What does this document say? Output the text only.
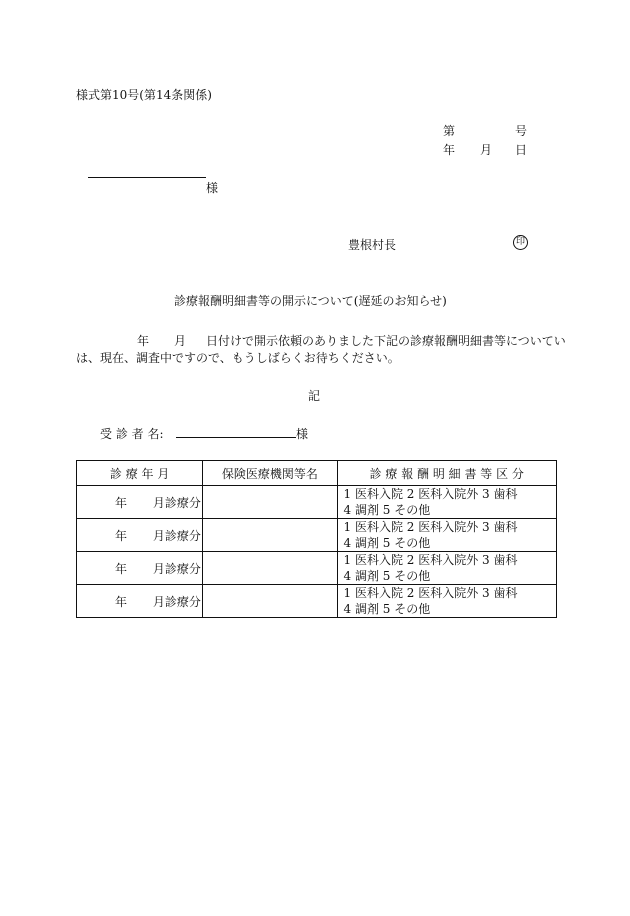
様式第10号(第14条関係)
第	号
年 月 日
様
豊根村長	印
診療報酬明細書等の開示について(遅延のお知らせ)
年 月 日付けで開示依頼のありました下記の診療報酬明細書等についてい
は、現在、調査中ですので、もうしばらくお待ちください。
記
受 診 者 名:	様
診 療 年 月	保険医療機関等名	診 療 報 酬 明 細 書 等 区 分
年 月診療分		1 医科入院 2 医科入院外 3 歯科
4 調剤 5 その他

年 月診療分		1 医科入院 2 医科入院外 3 歯科
4 調剤 5 その他

年 月診療分		1 医科入院 2 医科入院外 3 歯科
4 調剤 5 その他

年 月診療分		1 医科入院 2 医科入院外 3 歯科
4 調剤 5 その他
